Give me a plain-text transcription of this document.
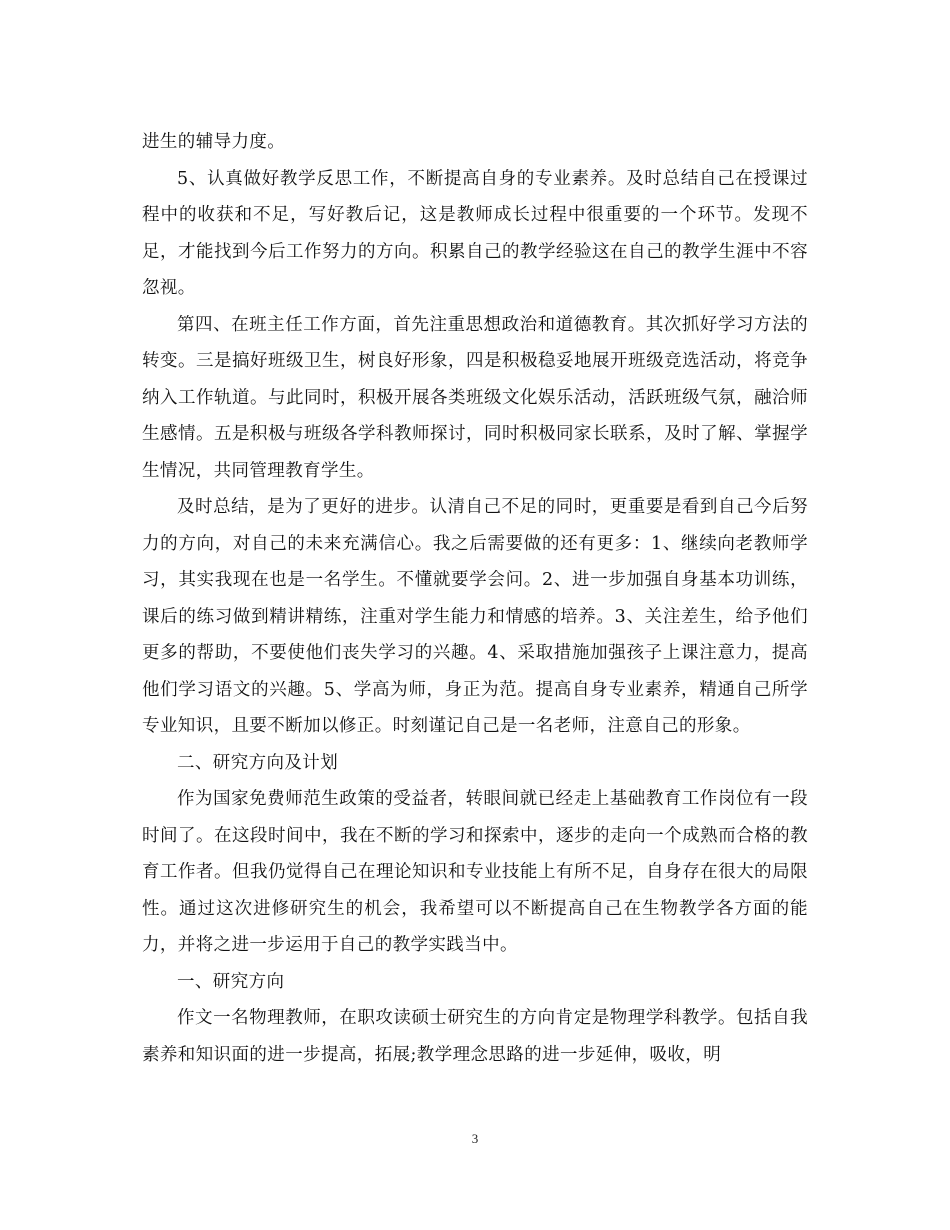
进生的辅导力度。

5、认真做好教学反思工作，不断提高自身的专业素养。及时总结自己在授课过程中的收获和不足，写好教后记，这是教师成长过程中很重要的一个环节。发现不足，才能找到今后工作努力的方向。积累自己的教学经验这在自己的教学生涯中不容忽视。

第四、在班主任工作方面，首先注重思想政治和道德教育。其次抓好学习方法的转变。三是搞好班级卫生，树良好形象，四是积极稳妥地展开班级竞选活动，将竞争纳入工作轨道。与此同时，积极开展各类班级文化娱乐活动，活跃班级气氛，融洽师生感情。五是积极与班级各学科教师探讨，同时积极同家长联系，及时了解、掌握学生情况，共同管理教育学生。

及时总结，是为了更好的进步。认清自己不足的同时，更重要是看到自己今后努力的方向，对自己的未来充满信心。我之后需要做的还有更多：1、继续向老教师学习，其实我现在也是一名学生。不懂就要学会问。2、进一步加强自身基本功训练，课后的练习做到精讲精练，注重对学生能力和情感的培养。3、关注差生，给予他们更多的帮助，不要使他们丧失学习的兴趣。4、采取措施加强孩子上课注意力，提高他们学习语文的兴趣。5、学高为师，身正为范。提高自身专业素养，精通自己所学专业知识，且要不断加以修正。时刻谨记自己是一名老师，注意自己的形象。

二、研究方向及计划

作为国家免费师范生政策的受益者，转眼间就已经走上基础教育工作岗位有一段时间了。在这段时间中，我在不断的学习和探索中，逐步的走向一个成熟而合格的教育工作者。但我仍觉得自己在理论知识和专业技能上有所不足，自身存在很大的局限性。通过这次进修研究生的机会，我希望可以不断提高自己在生物教学各方面的能力，并将之进一步运用于自己的教学实践当中。

一、研究方向

作文一名物理教师，在职攻读硕士研究生的方向肯定是物理学科教学。包括自我素养和知识面的进一步提高，拓展;教学理念思路的进一步延伸，吸收，明

3
